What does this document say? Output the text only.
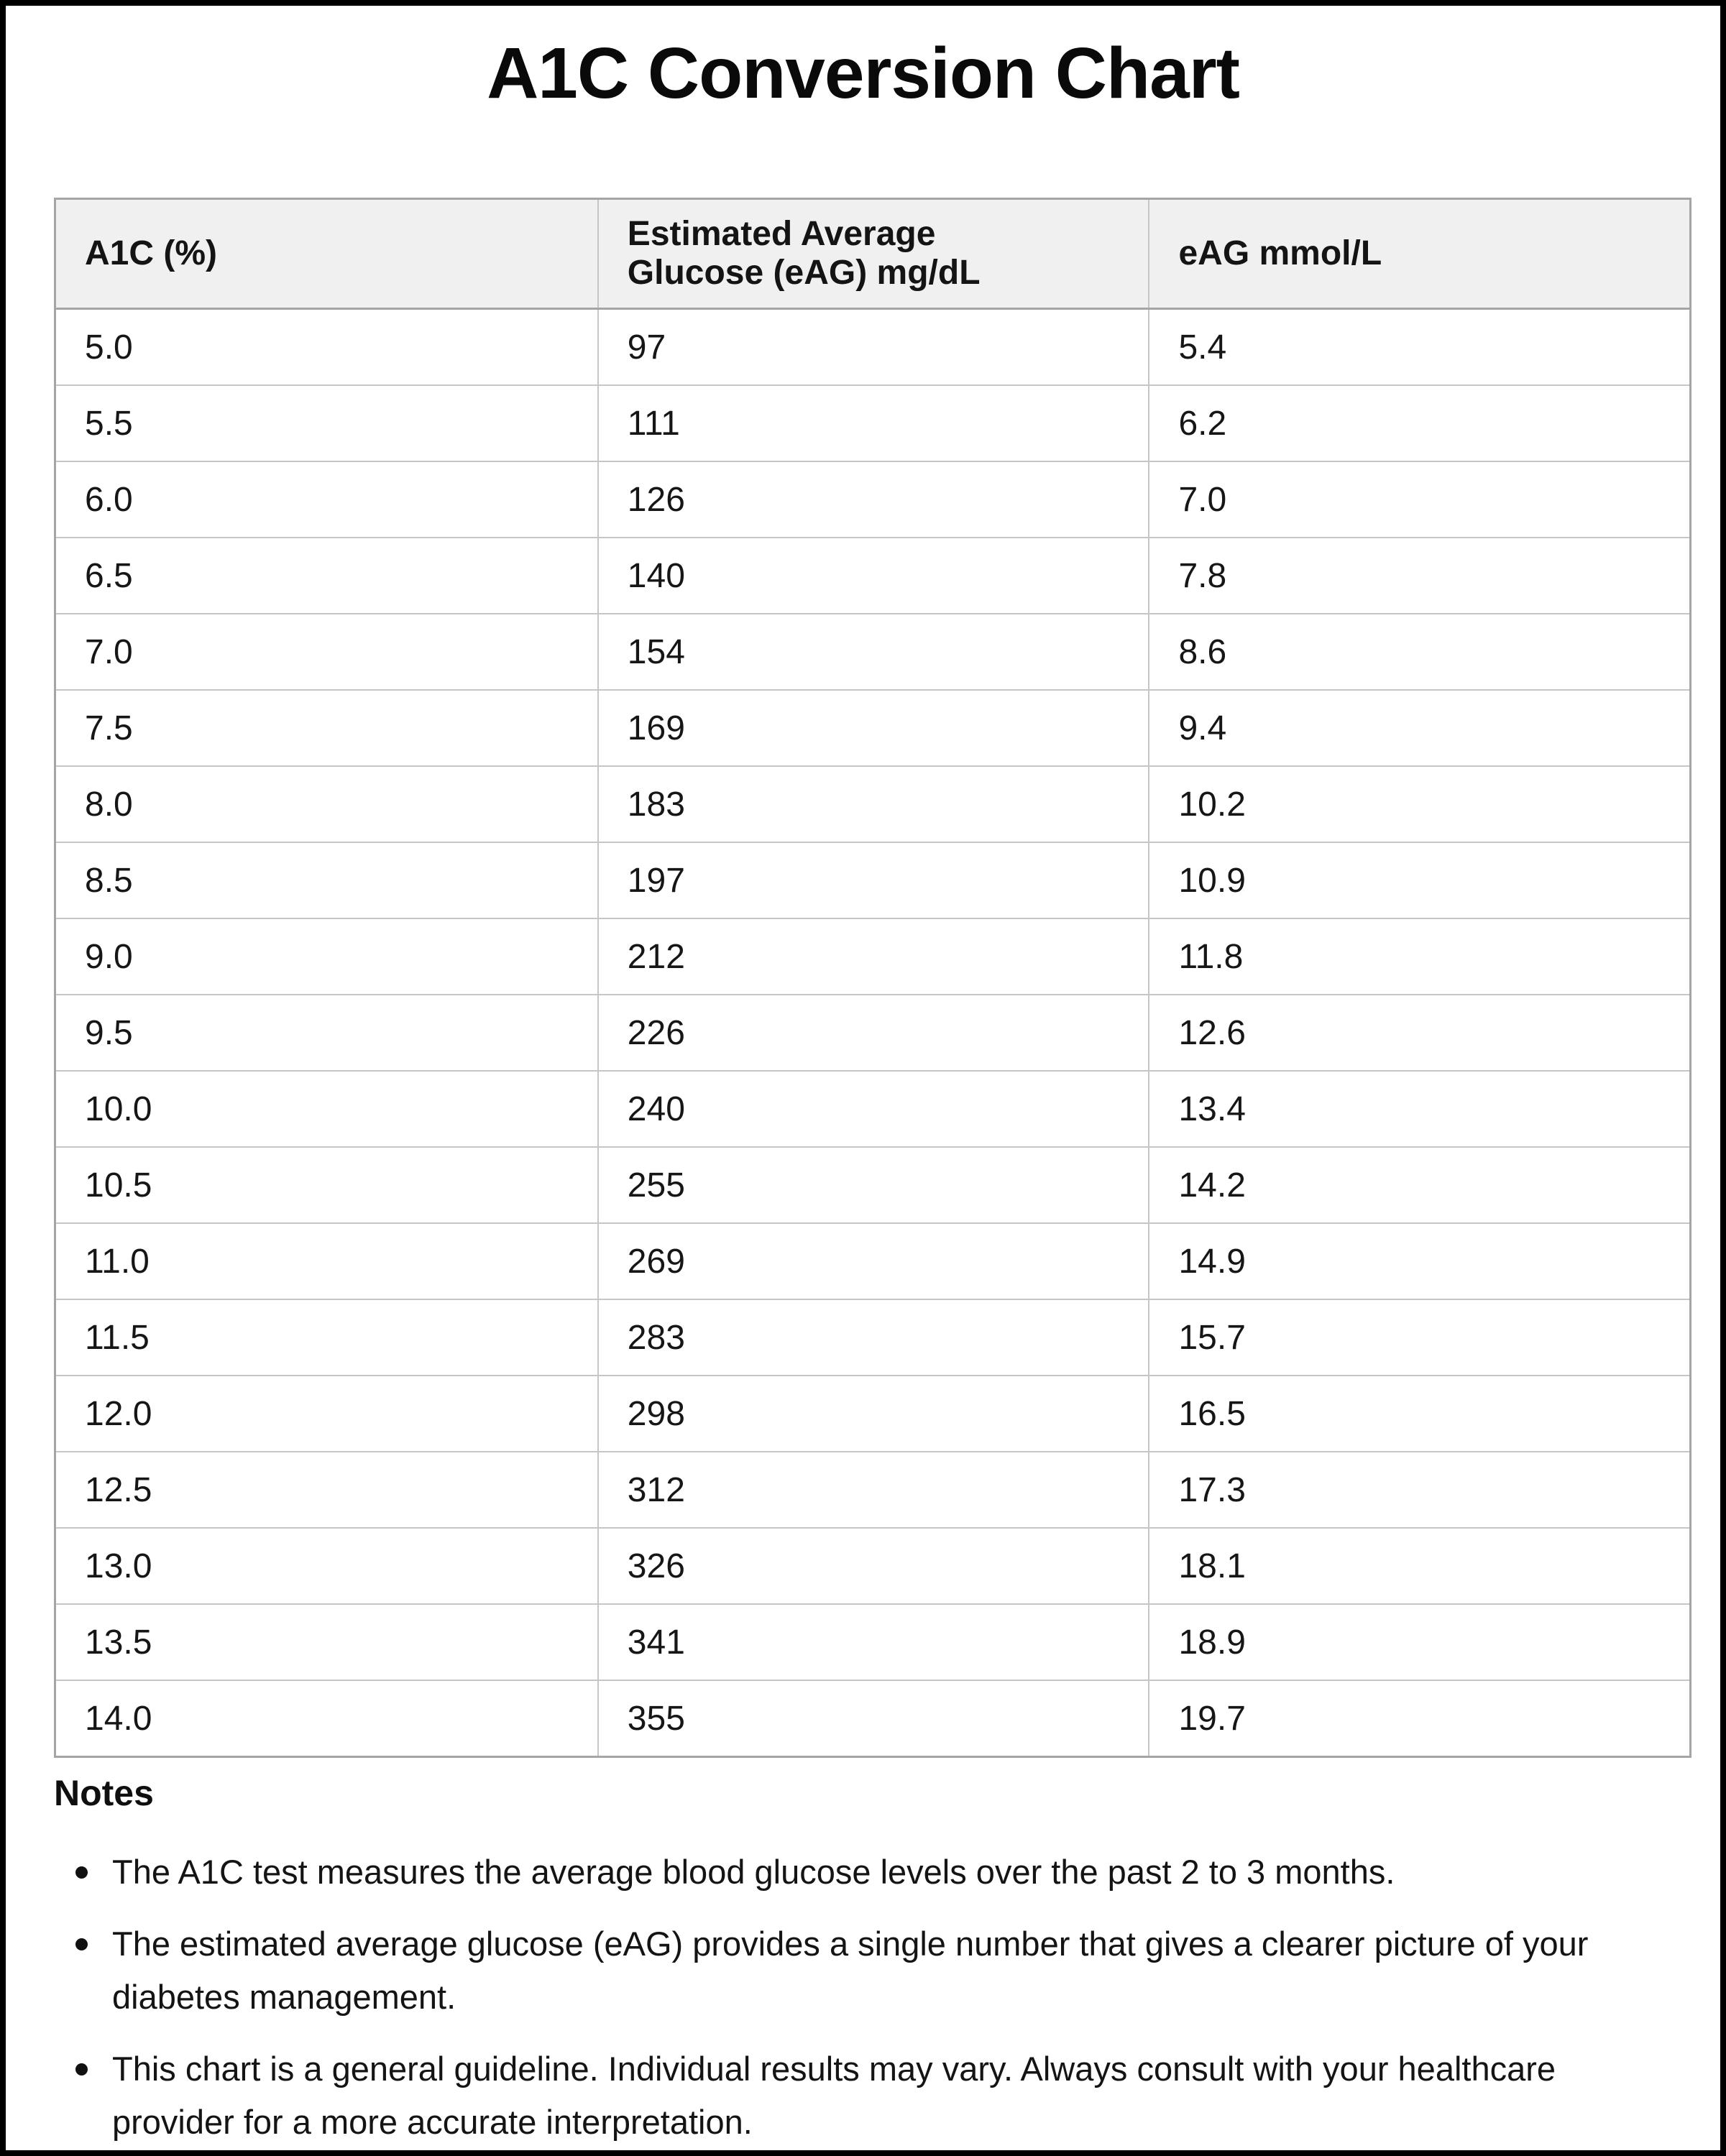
A1C Conversion Chart
A1C (%)	Estimated Average Glucose (eAG) mg/dL	eAG mmol/L
5.0	97	5.4
5.5	111	6.2
6.0	126	7.0
6.5	140	7.8
7.0	154	8.6
7.5	169	9.4
8.0	183	10.2
8.5	197	10.9
9.0	212	11.8
9.5	226	12.6
10.0	240	13.4
10.5	255	14.2
11.0	269	14.9
11.5	283	15.7
12.0	298	16.5
12.5	312	17.3
13.0	326	18.1
13.5	341	18.9
14.0	355	19.7

Notes

The A1C test measures the average blood glucose levels over the past 2 to 3 months.
The estimated average glucose (eAG) provides a single number that gives a clearer picture of your diabetes management.
This chart is a general guideline. Individual results may vary. Always consult with your healthcare provider for a more accurate interpretation.
